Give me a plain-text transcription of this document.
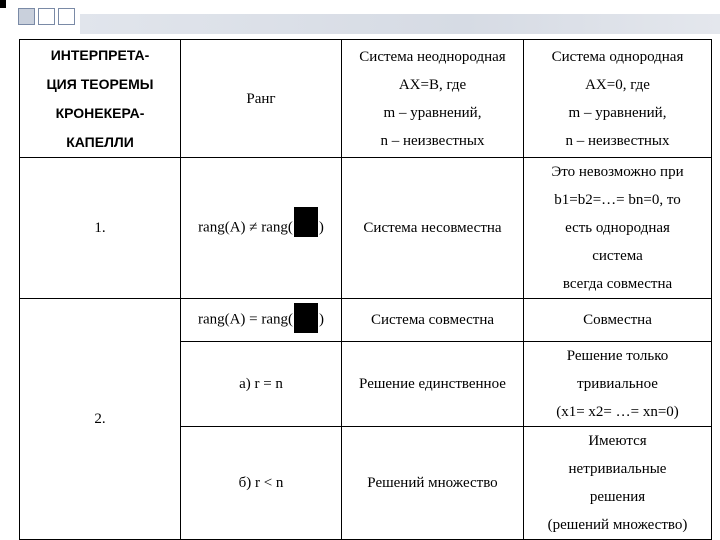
ИНТЕРПРЕТА-
ЦИЯ ТЕОРЕМЫ
КРОНЕКЕРА-
КАПЕЛЛИ	Ранг	Система неоднородная
AX=B, где
m – уравнений,
n – неизвестных	Система однородная
AX=0, где
m – уравнений,
n – неизвестных

1.	rang(A) ≠ rang( )	Система несовместна	Это невозможно при
b1=b2=…= bn=0, то
есть однородная
система
всегда совместна

2.	rang(A) = rang( )	Система совместна	Совместна
	а) r = n	Решение единственное	Решение только
тривиальное
(x1= x2= …= xn=0)

	б) r < n	Решений множество	Имеются
нетривиальные
решения
(решений множество)
